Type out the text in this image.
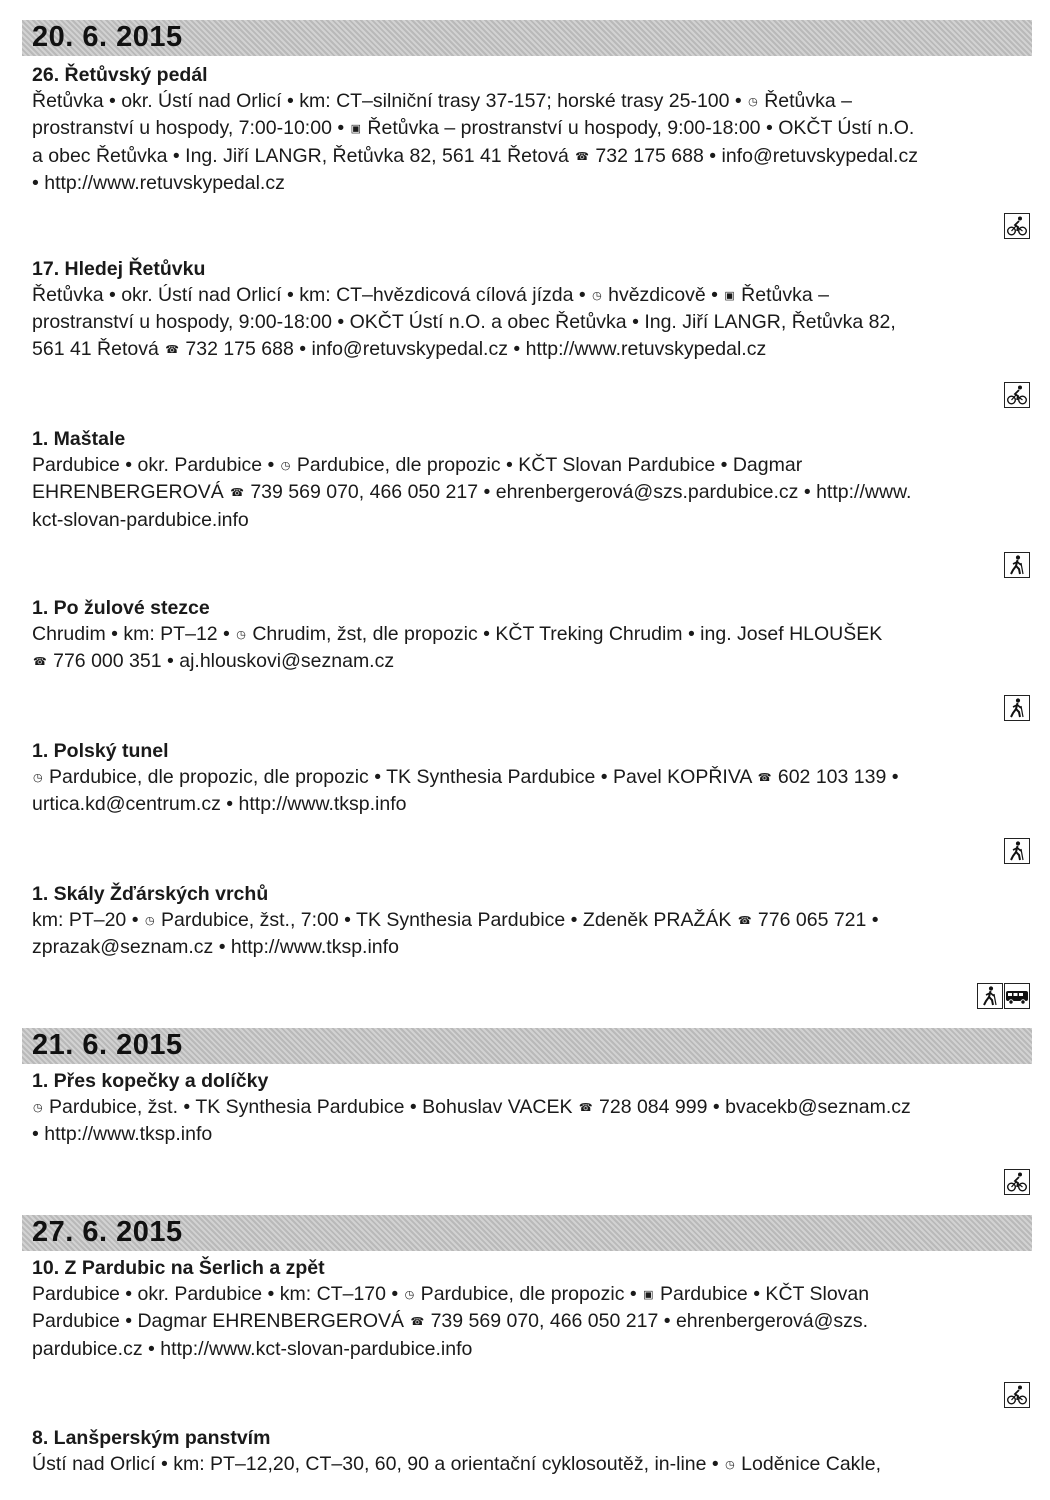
20. 6. 2015
26. Řetůvský pedál
Řetůvka • okr. Ústí nad Orlicí • km: CT–silniční trasy 37-157; horské trasy 25-100 • ◷ Řetůvka –
prostranství u hospody, 7:00-10:00 • ▣ Řetůvka – prostranství u hospody, 9:00-18:00 • OKČT Ústí n.O.
a obec Řetůvka • Ing. Jiří LANGR, Řetůvka 82, 561 41 Řetová ☎ 732 175 688 • info@retuvskypedal.cz
• http://www.retuvskypedal.cz
17. Hledej Řetůvku
Řetůvka • okr. Ústí nad Orlicí • km: CT–hvězdicová cílová jízda • ◷ hvězdicově • ▣ Řetůvka –
prostranství u hospody, 9:00-18:00 • OKČT Ústí n.O. a obec Řetůvka • Ing. Jiří LANGR, Řetůvka 82,
561 41 Řetová ☎ 732 175 688 • info@retuvskypedal.cz • http://www.retuvskypedal.cz
1. Maštale
Pardubice • okr. Pardubice • ◷ Pardubice, dle propozic • KČT Slovan Pardubice • Dagmar
EHRENBERGEROVÁ ☎ 739 569 070, 466 050 217 • ehrenbergerová@szs.pardubice.cz • http://www.
kct-slovan-pardubice.info
1. Po žulové stezce
Chrudim • km: PT–12 • ◷ Chrudim, žst, dle propozic • KČT Treking Chrudim • ing. Josef HLOUŠEK
☎ 776 000 351 • aj.hlouskovi@seznam.cz
1. Polský tunel
◷ Pardubice, dle propozic, dle propozic • TK Synthesia Pardubice • Pavel KOPŘIVA ☎ 602 103 139 •
urtica.kd@centrum.cz • http://www.tksp.info
1. Skály Žďárských vrchů
km: PT–20 • ◷ Pardubice, žst., 7:00 • TK Synthesia Pardubice • Zdeněk PRAŽÁK ☎ 776 065 721 •
zprazak@seznam.cz • http://www.tksp.info
21. 6. 2015
1. Přes kopečky a dolíčky
◷ Pardubice, žst. • TK Synthesia Pardubice • Bohuslav VACEK ☎ 728 084 999 • bvacekb@seznam.cz
• http://www.tksp.info
27. 6. 2015
10. Z Pardubic na Šerlich a zpět
Pardubice • okr. Pardubice • km: CT–170 • ◷ Pardubice, dle propozic • ▣ Pardubice • KČT Slovan
Pardubice • Dagmar EHRENBERGEROVÁ ☎ 739 569 070, 466 050 217 • ehrenbergerová@szs.
pardubice.cz • http://www.kct-slovan-pardubice.info
8. Lanšperským panstvím
Ústí nad Orlicí • km: PT–12,20, CT–30, 60, 90 a orientační cyklosoutěž, in-line • ◷ Loděnice Cakle,
